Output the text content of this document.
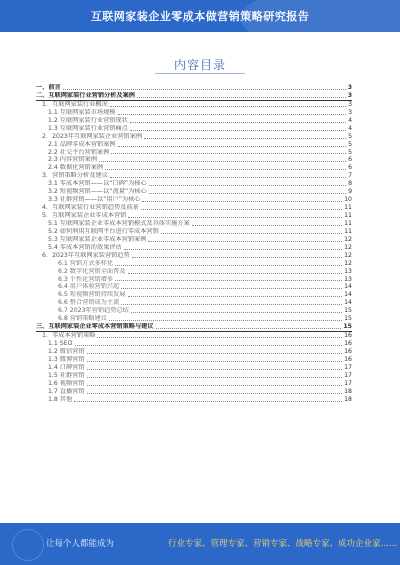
互联网家装企业零成本做营销策略研究报告
内容目录
一、前言	3
二、互联网家装行业营销分析及案例	3
1．互联网家装行业概况	3
1.1 互联网家装市场规模	3
1.2 互联网家装行业营销现状	4
1.3 互联网家装行业营销痛点	4
2．2023年互联网家装企业营销案例	5
2.1 品牌零成本营销案例	5
2.2 社交平台营销案例	5
2.3 内容营销案例	6
2.4 数据化营销案例	6
3．营销策略分析及建议	7
3.1 零成本营销——以“口碑”为核心	8
3.2 短视频营销——以“流量”为核心	9
3.3 社群营销——以“用户”为核心	10
4．互联网家装行业营销趋势及前景	11
5．互联网家装企业零成本营销	11
5.1 互联网家装企业零成本营销模式及具体实施方案	11
5.2 如何利用互联网平台进行零成本营销	11
5.3 互联网家装企业零成本营销案例	12
5.4 零成本营销的效果评估	12
6．2023年互联网家装营销趋势	12
6.1 营销方式多样化	12
6.2 数字化营销全面普及	13
6.3 个性化营销增多	13
6.4 用户体验营销兴起	14
6.5 短视频营销持续发展	14
6.6 整合营销成为主流	14
6.7 2023年营销趋势总结	15
6.8 营销策略建议	15
三、互联网家装企业零成本营销策略与建议	15
1．零成本营销策略	16
1.1 SEO	16
1.2 微信营销	16
1.3 微博营销	16
1.4 口碑营销	17
1.5 社群营销	17
1.6 视频营销	17
1.7 直播营销	18
1.8 其他	18
让每个人都能成为	行业专家、管理专家、营销专家、战略专家、成功企业家……
